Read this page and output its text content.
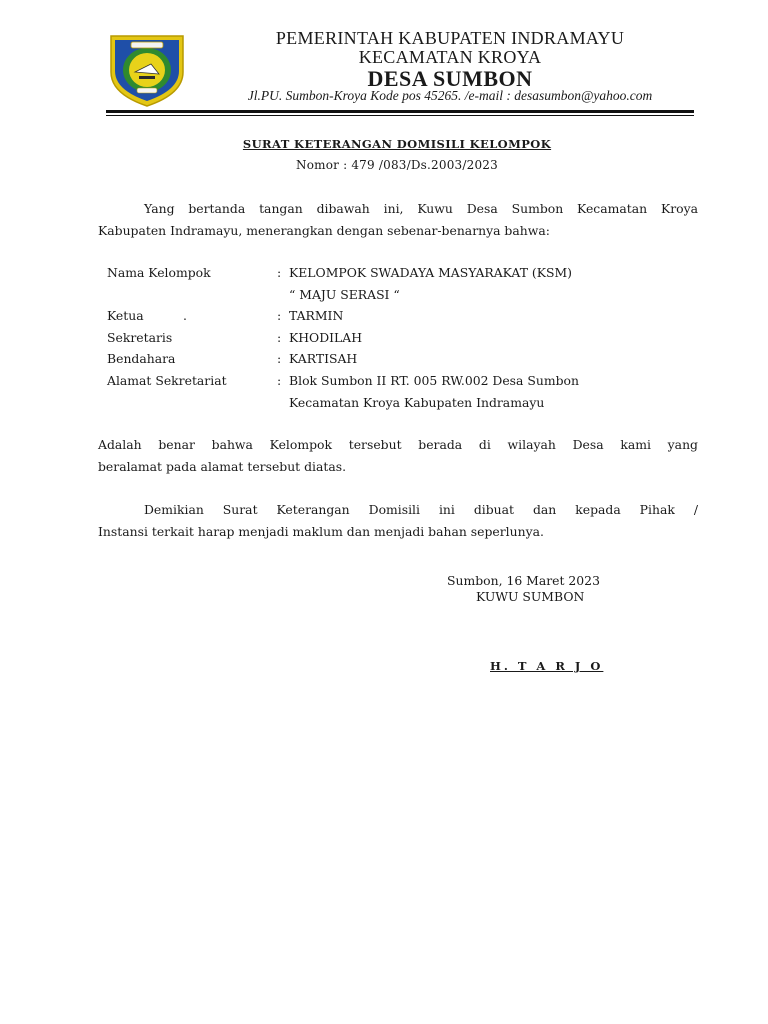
PEMERINTAH KABUPATEN INDRAMAYU
KECAMATAN KROYA
DESA SUMBON
Jl.PU. Sumbon-Kroya Kode pos 45265. /e-mail : desasumbon@yahoo.com
SURAT KETERANGAN DOMISILI KELOMPOK
Nomor : 479 /083/Ds.2003/2023
Yang bertanda tangan dibawah ini, Kuwu Desa Sumbon Kecamatan Kroya
Kabupaten Indramayu, menerangkan dengan sebenar-benarnya bahwa:
Nama Kelompok	: KELOMPOK SWADAYA MASYARAKAT (KSM)
“ MAJU SERASI “
Ketua          .	: TARMIN
Sekretaris	: KHODILAH
Bendahara	: KARTISAH
Alamat Sekretariat	: Blok Sumbon II RT. 005 RW.002 Desa Sumbon
Kecamatan Kroya Kabupaten Indramayu
Adalah benar bahwa Kelompok tersebut berada di wilayah Desa kami yang
beralamat pada alamat tersebut diatas.
Demikian Surat Keterangan Domisili ini dibuat dan kepada Pihak /
Instansi terkait harap menjadi maklum dan menjadi bahan seperlunya.
Sumbon, 16 Maret 2023
KUWU SUMBON
H. T A R J O
